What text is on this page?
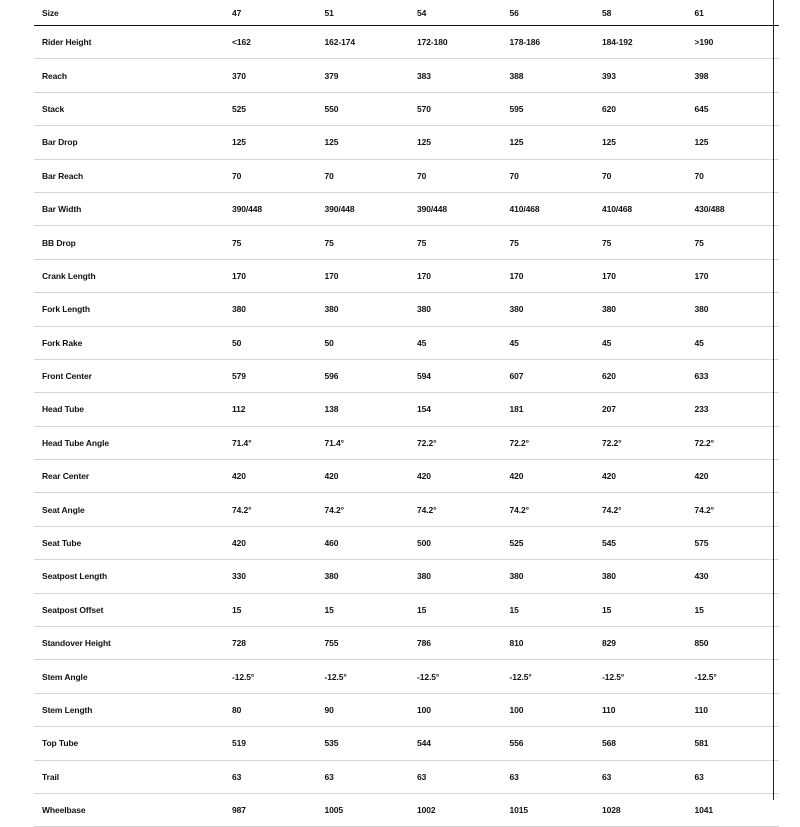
Size	47	51	54	56	58	61
Rider Height	<162	162-174	172-180	178-186	184-192	>190
Reach	370	379	383	388	393	398
Stack	525	550	570	595	620	645
Bar Drop	125	125	125	125	125	125
Bar Reach	70	70	70	70	70	70
Bar Width	390/448	390/448	390/448	410/468	410/468	430/488
BB Drop	75	75	75	75	75	75
Crank Length	170	170	170	170	170	170
Fork Length	380	380	380	380	380	380
Fork Rake	50	50	45	45	45	45
Front Center	579	596	594	607	620	633
Head Tube	112	138	154	181	207	233
Head Tube Angle	71.4°	71.4°	72.2°	72.2°	72.2°	72.2°
Rear Center	420	420	420	420	420	420
Seat Angle	74.2°	74.2°	74.2°	74.2°	74.2°	74.2°
Seat Tube	420	460	500	525	545	575
Seatpost Length	330	380	380	380	380	430
Seatpost Offset	15	15	15	15	15	15
Standover Height	728	755	786	810	829	850
Stem Angle	-12.5°	-12.5°	-12.5°	-12.5°	-12.5°	-12.5°
Stem Length	80	90	100	100	110	110
Top Tube	519	535	544	556	568	581
Trail	63	63	63	63	63	63
Wheelbase	987	1005	1002	1015	1028	1041
